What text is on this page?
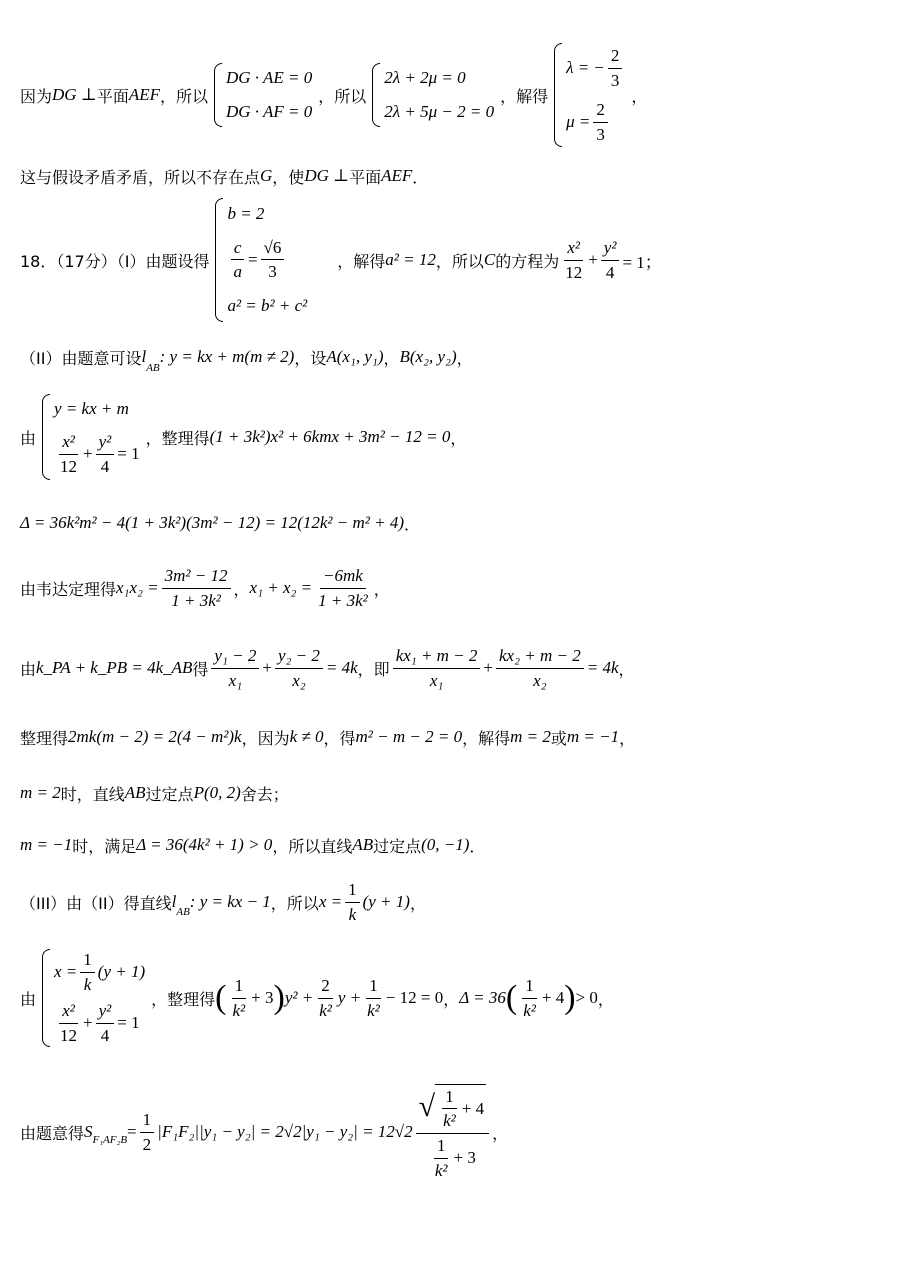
因为 DG ⊥ 平面 AEF ，所以
DG · AE = 0
DG · AF = 0
，所以
2λ + 2μ = 0
2λ + 5μ − 2 = 0
，解得
λ = − $\frac{2}{3}$
$\mu = \frac{2}{3}$
，
这与假设矛盾矛盾，所以不存在点 G ，使 DG ⊥ 平面 AEF ．
18．（17分）（I）由题设得
b = 2
$\frac{c}{a} = \frac{√6}{3}$
a² = b² + c²
，解得 a² = 12 ，所以 C 的方程为 $\frac{\text{x²}}{12} + \frac{\text{y²}}{4} = 1$；
（II）由题意可设 l
$_{AB}$
: y = kx + m(m ≠ 2) ，设 A(x₁, y₁) ， B(x₂, y₂) ，
由
y = kx + m
$\frac{\text{x²}}{12} + \frac{\text{y²}}{4} = 1$
，整理得 (1 + 3k²)x² + 6kmx + 3m² − 12 = 0 ，
Δ = 36k²m² − 4(1 + 3k²)(3m² − 12) = 12(12k² − m² + 4) ．
由韦达定理得 $x_1x_2 = \frac{\text{3m² − 12}}{\text{1 + 3k²}}$ ， $x_1 + x_2 = \frac{-6mk}{\text{1 + 3k²}}$ ，
由 k_PA + k_PB = 4k_AB 得 $\frac{\text{y₁ − 2}}{\text{x₁}} + \frac{\text{y₂ − 2}}{\text{x₂}} = 4k$ ，即 $\frac{\text{kx₁ + m − 2}}{\text{x₁}} + \frac{\text{kx₂ + m − 2}}{\text{x₂}} = 4k$ ，
整理得 2mk(m − 2) = 2(4 − m²)k ，因为 k ≠ 0 ，得 m² − m − 2 = 0 ，解得 m = 2 或 m = −1 ，
m = 2 时，直线 AB 过定点 P(0, 2) 舍去；
m = −1 时，满足 Δ = 36(4k² + 1) > 0 ，所以直线 AB 过定点 (0, −1) ．
（III）由（II）得直线 l
$_{AB}$
: y = kx − 1 ，所以 $x = \frac{1}{k} (y + 1)$ ，
由
$x = \frac{1}{k} (y + 1)$
$\frac{\text{x²}}{12} + \frac{\text{y²}}{4} = 1$
，整理得 ( $\frac{1}{\text{k²}} + 3$ ) $y^2 + \frac{2}{\text{k²}}$ $y + \frac{1}{\text{k²}} - 12 = 0$ ， Δ = 36 ( $\frac{1}{\text{k²}} + 4$ ) > 0 ，
由题意得 $S_{F_1AF_2B} = \frac{1}{2} |F_1F_2||y_1 - y_2| = 2√2|y_1 - y_2| = 12√2 \frac{√ \frac{1}{\text{k²}} + 4}{\frac{1}{\text{k²}} + 3}$ ，
